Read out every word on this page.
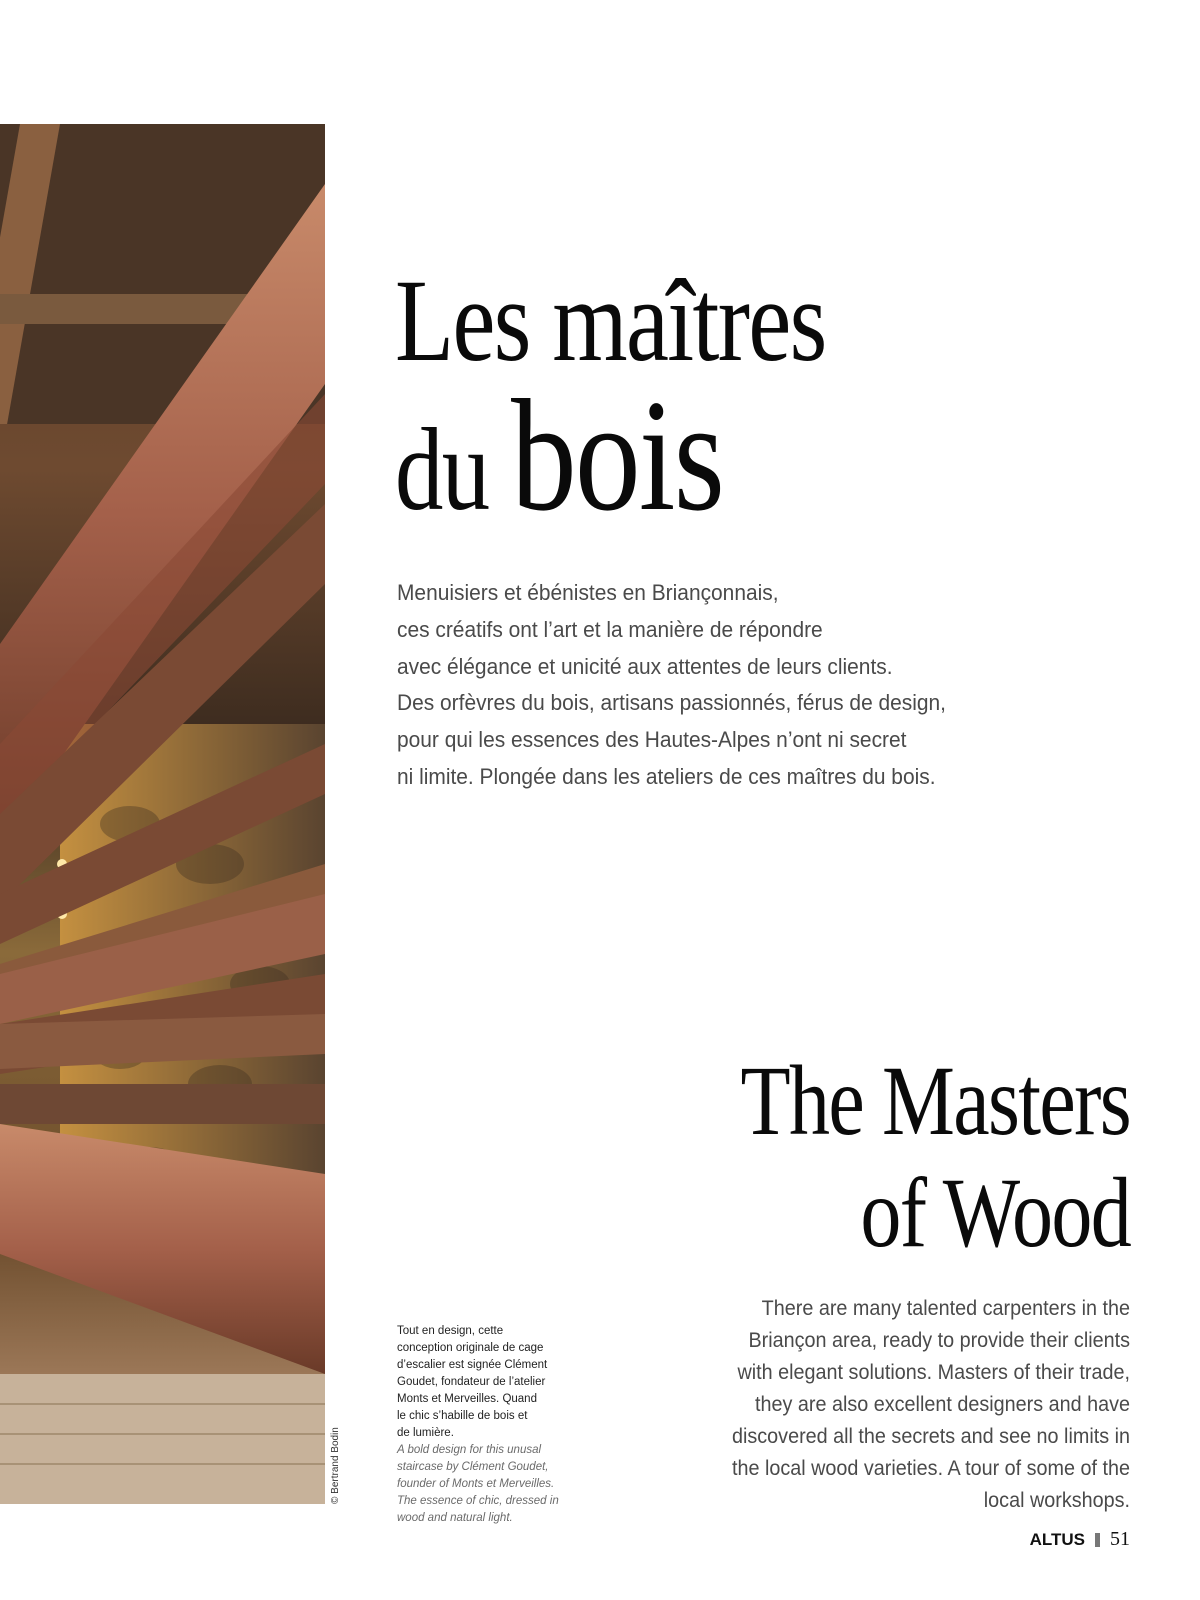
© Bertrand Bodin
Les maîtres
du bois

Menuisiers et ébénistes en Briançonnais,
ces créatifs ont l’art et la manière de répondre
avec élégance et unicité aux attentes de leurs clients.
Des orfèvres du bois, artisans passionnés, férus de design,
pour qui les essences des Hautes-Alpes n’ont ni secret
ni limite. Plongée dans les ateliers de ces maîtres du bois.

The Masters
of Wood

There are many talented carpenters in the
Briançon area, ready to provide their clients
with elegant solutions. Masters of their trade,
they are also excellent designers and have
discovered all the secrets and see no limits in
the local wood varieties. A tour of some of the
local workshops.

Tout en design, cette
conception originale de cage
d’escalier est signée Clément
Goudet, fondateur de l’atelier
Monts et Merveilles. Quand
le chic s’habille de bois et
de lumière.

A bold design for this unusal
staircase by Clément Goudet,
founder of Monts et Merveilles.
The essence of chic, dressed in
wood and natural light.

ALTUS 51
